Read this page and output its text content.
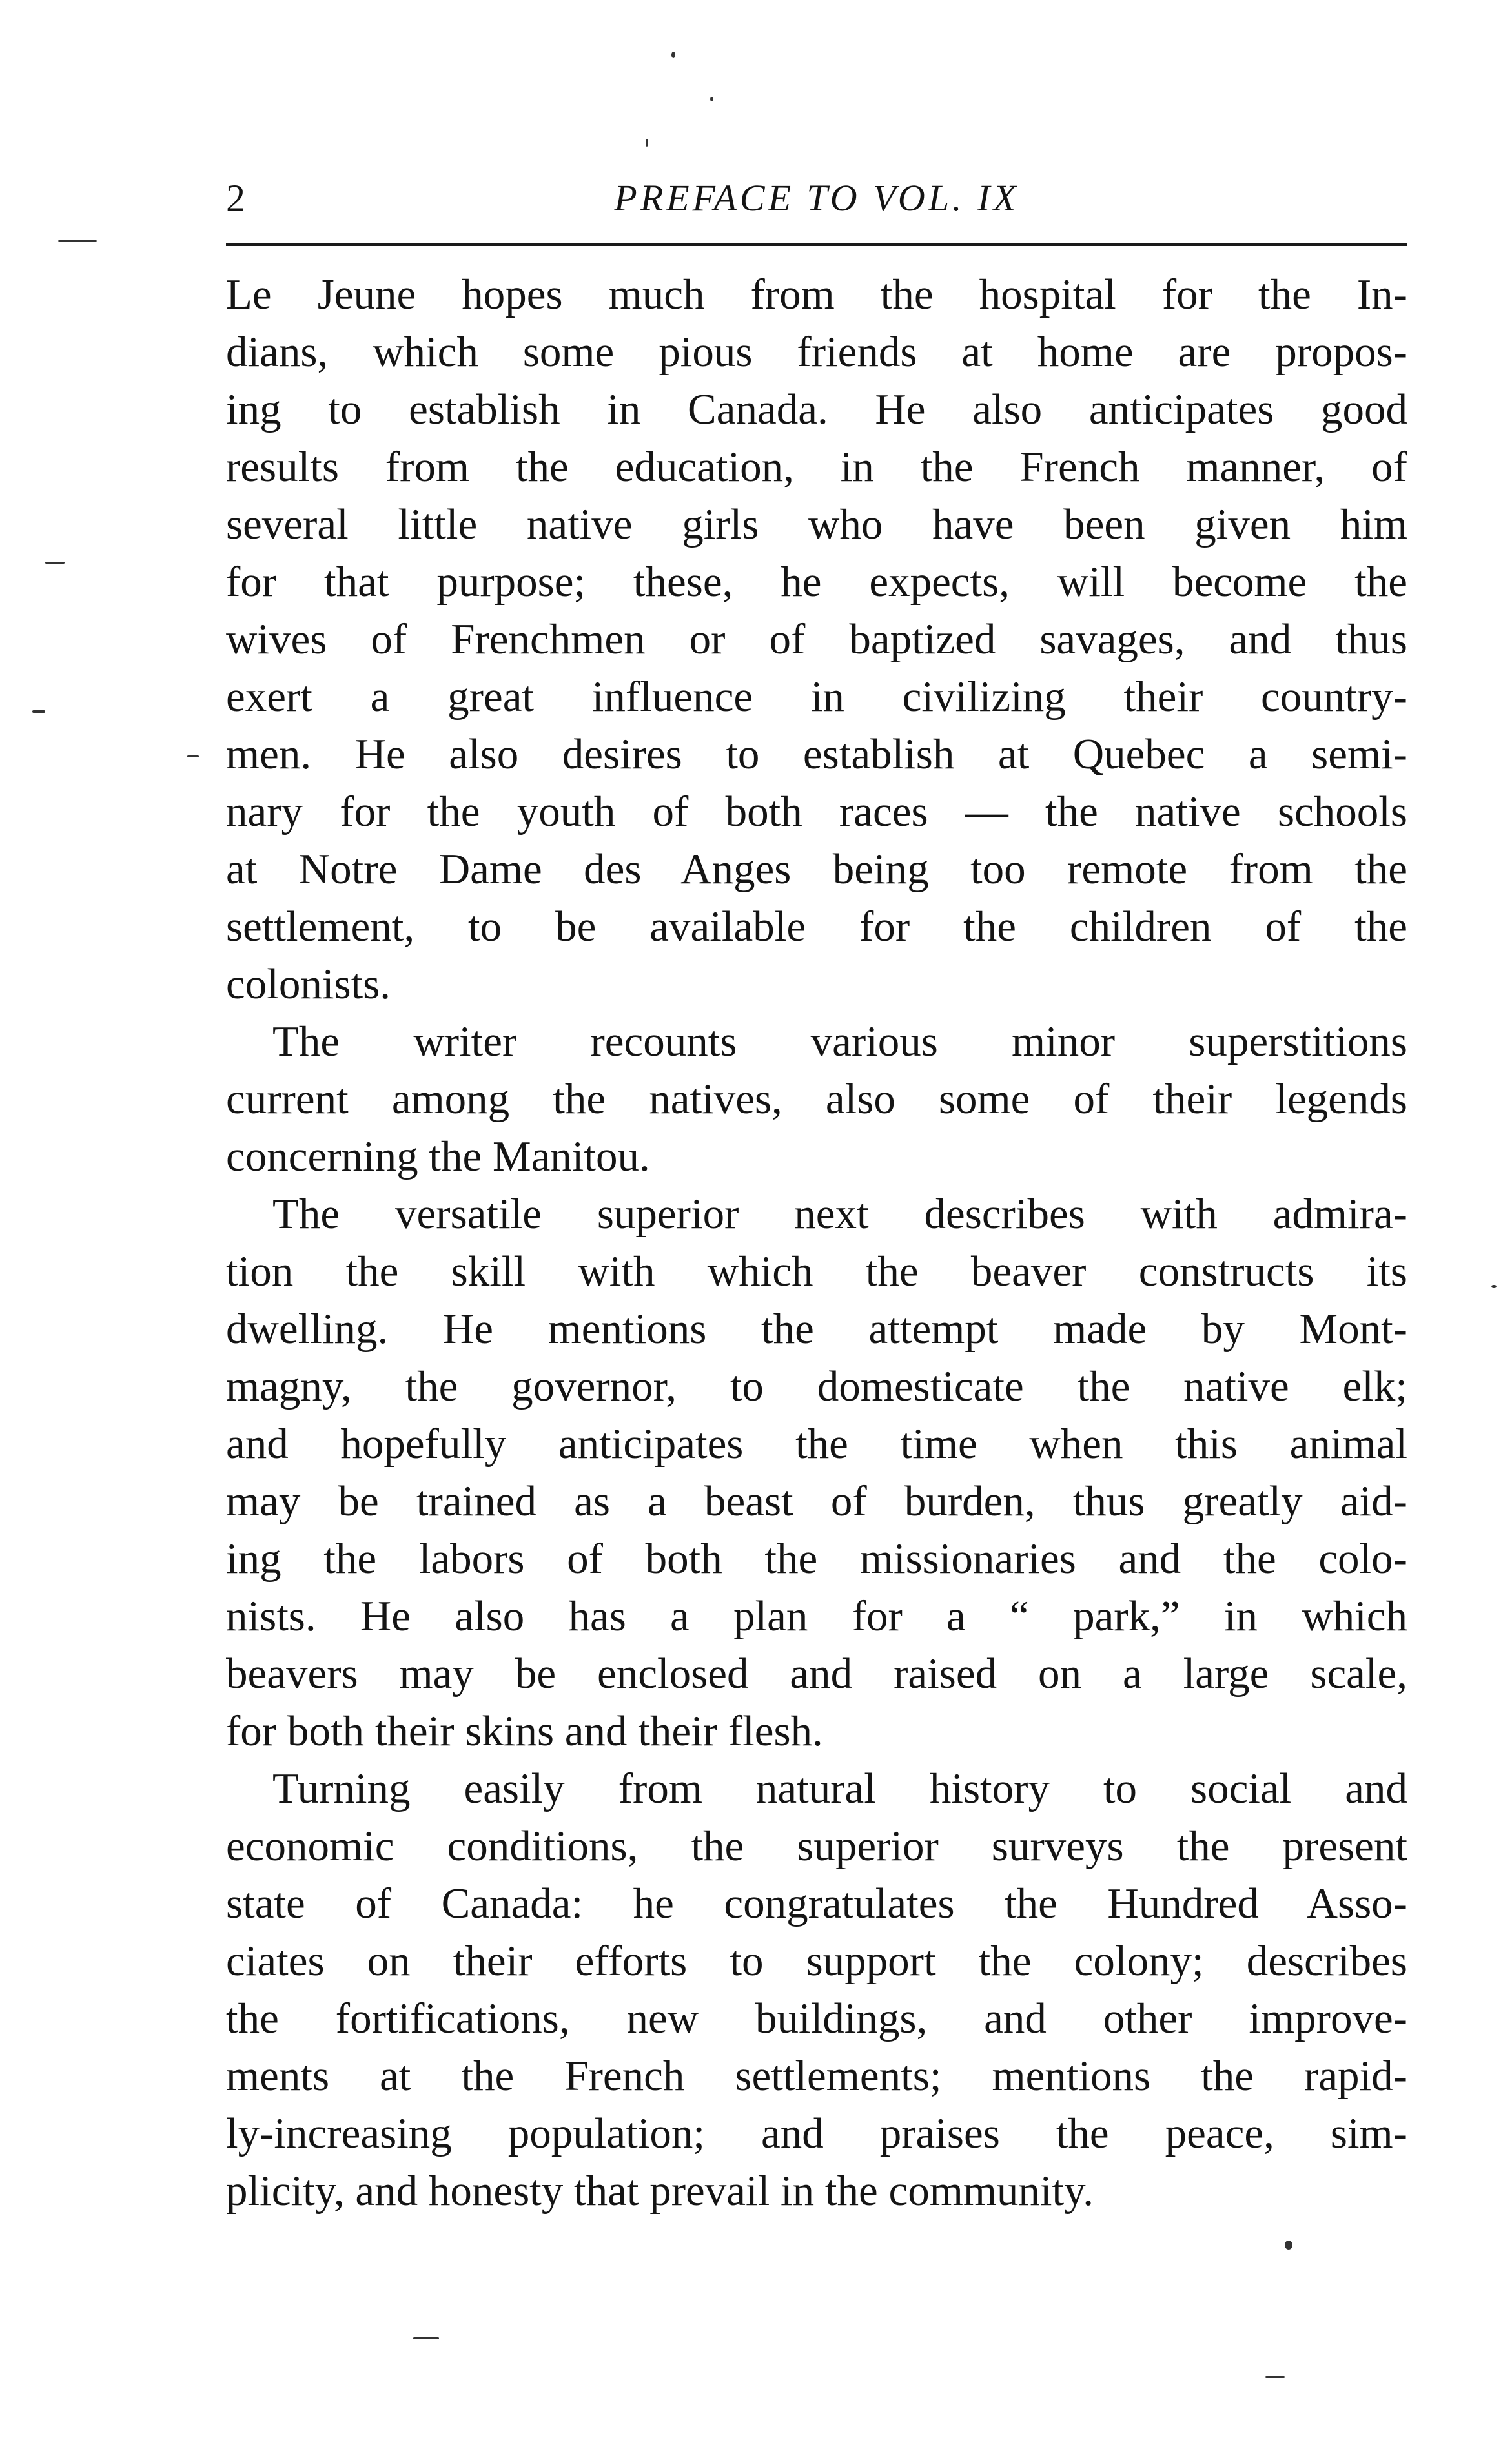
2	PREFACE TO VOL. IX
Le Jeune hopes much from the hospital for the In-
dians, which some pious friends at home are propos-
ing to establish in Canada. He also anticipates good
results from the education, in the French manner, of
several little native girls who have been given him
for that purpose; these, he expects, will become the
wives of Frenchmen or of baptized savages, and thus
exert a great influence in civilizing their country-
men. He also desires to establish at Quebec a semi-
nary for the youth of both races — the native schools
at Notre Dame des Anges being too remote from the
settlement, to be available for the children of the
colonists.
The writer recounts various minor superstitions
current among the natives, also some of their legends
concerning the Manitou.
The versatile superior next describes with admira-
tion the skill with which the beaver constructs its
dwelling. He mentions the attempt made by Mont-
magny, the governor, to domesticate the native elk;
and hopefully anticipates the time when this animal
may be trained as a beast of burden, thus greatly aid-
ing the labors of both the missionaries and the colo-
nists. He also has a plan for a “ park,” in which
beavers may be enclosed and raised on a large scale,
for both their skins and their flesh.
Turning easily from natural history to social and
economic conditions, the superior surveys the present
state of Canada: he congratulates the Hundred Asso-
ciates on their efforts to support the colony; describes
the fortifications, new buildings, and other improve-
ments at the French settlements; mentions the rapid-
ly-increasing population; and praises the peace, sim-
plicity, and honesty that prevail in the community.
